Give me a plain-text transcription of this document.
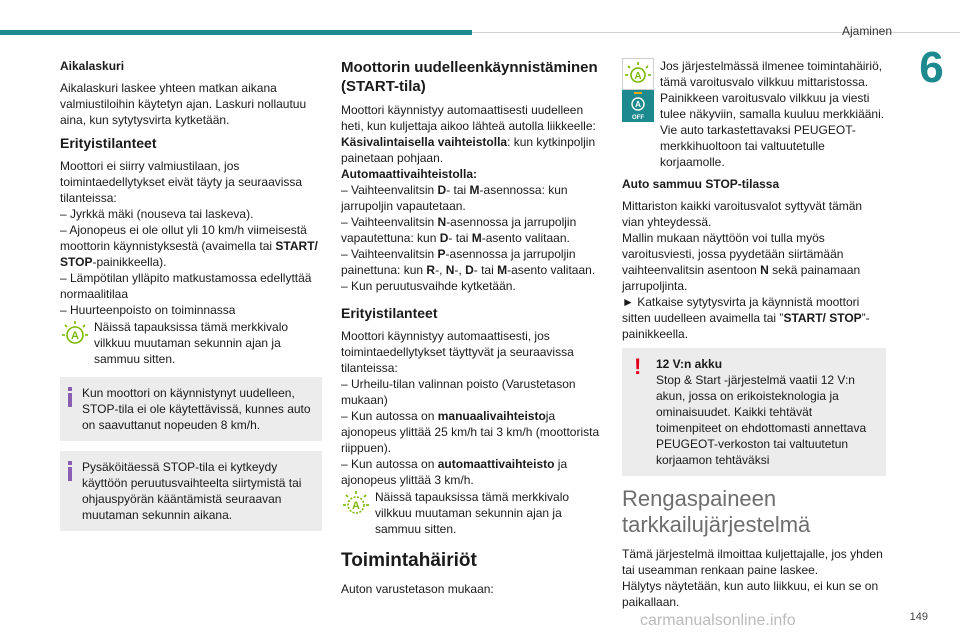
Ajaminen
6
Aikalaskuri

Aikalaskuri laskee yhteen matkan aikana valmiustiloihin käytetyn ajan. Laskuri nollautuu aina, kun sytytysvirta kytketään.

Erityistilanteet
Moottori ei siirry valmiustilaan, jos toimintaedellytykset eivät täyty ja seuraavissa tilanteissa:
– Jyrkkä mäki (nouseva tai laskeva).
– Ajonopeus ei ole ollut yli 10 km/h viimeisestä moottorin käynnistyksestä (avaimella tai START/ STOP-painikkeella).
– Lämpötilan ylläpito matkustamossa edellyttää normaalitilaa
– Huurteenpoisto on toiminnassa
A
Näissä tapauksissa tämä merkkivalo vilkkuu muutaman sekunnin ajan ja sammuu sitten.
Kun moottori on käynnistynyt uudelleen, STOP-tila ei ole käytettävissä, kunnes auto on saavuttanut nopeuden 8 km/h.
Pysäköitäessä STOP-tila ei kytkeydy käyttöön peruutusvaihteelta siirtymistä tai ohjauspyörän kääntämistä seuraavan muutaman sekunnin aikana.
Moottorin uudelleenkäynnistäminen (START-tila)
Moottori käynnistyy automaattisesti uudelleen heti, kun kuljettaja aikoo lähteä autolla liikkeelle:
Käsivalintaisella vaihteistolla: kun kytkinpoljin painetaan pohjaan.
Automaattivaihteistolla:
– Vaihteenvalitsin D- tai M-asennossa: kun jarrupoljin vapautetaan.
– Vaihteenvalitsin N-asennossa ja jarrupoljin vapautettuna: kun D- tai M-asento valitaan.
– Vaihteenvalitsin P-asennossa ja jarrupoljin painettuna: kun R-, N-, D- tai M-asento valitaan.
– Kun peruutusvaihde kytketään.
Erityistilanteet
Moottori käynnistyy automaattisesti, jos toimintaedellytykset täyttyvät ja seuraavissa tilanteissa:
– Urheilu-tilan valinnan poisto (Varustetason mukaan)
– Kun autossa on manuaalivaihteistoja ajonopeus ylittää 25 km/h tai 3 km/h (moottorista riippuen).
– Kun autossa on automaattivaihteisto ja ajonopeus ylittää 3 km/h.
A
Näissä tapauksissa tämä merkkivalo vilkkuu muutaman sekunnin ajan ja sammuu sitten.
Toimintahäiriöt

Auton varustetason mukaan:

A
A
OFF
Jos järjestelmässä ilmenee toimintahäiriö, tämä varoitusvalo vilkkuu mittaristossa. Painikkeen varoitusvalo vilkkuu ja viesti tulee näkyviin, samalla kuuluu merkkiääni. Vie auto tarkastettavaksi PEUGEOT-merkkihuoltoon tai valtuutetulle korjaamolle.
Auto sammuu STOP-tilassa
Mittariston kaikki varoitusvalot syttyvät tämän vian yhteydessä.
Mallin mukaan näyttöön voi tulla myös varoitusviesti, jossa pyydetään siirtämään vaihteenvalitsin asentoon N sekä painamaan jarrupoljinta.
► Katkaise sytytysvirta ja käynnistä moottori sitten uudelleen avaimella tai ”START/ STOP”-painikkeella.
!	12 V:n akku
Stop & Start -järjestelmä vaatii 12 V:n akun, jossa on erikoisteknologia ja ominaisuudet. Kaikki tehtävät toimenpiteet on ehdottomasti annettava PEUGEOT-verkoston tai valtuutetun korjaamon tehtäväksi
Rengaspaineen tarkkailujärjestelmä

Tämä järjestelmä ilmoittaa kuljettajalle, jos yhden tai useamman renkaan paine laskee.

Hälytys näytetään, kun auto liikkuu, ei kun se on paikallaan.

carmanualsonline.info	149
